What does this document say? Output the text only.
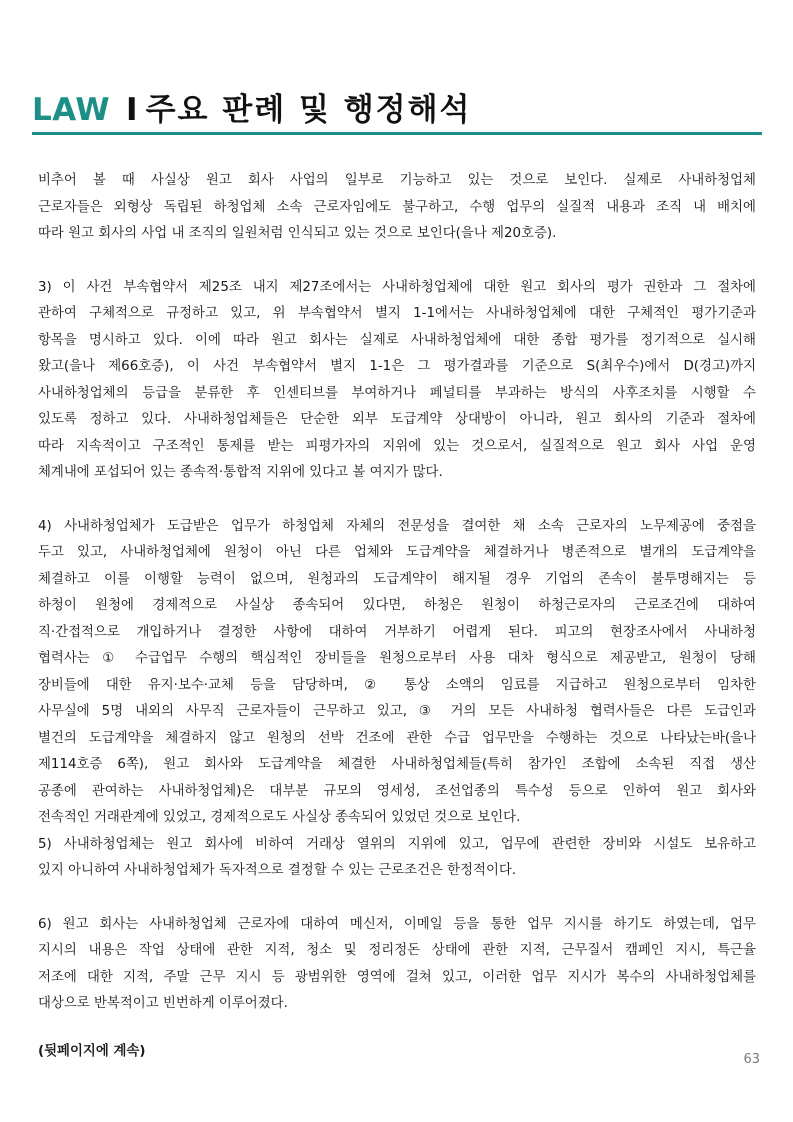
LAW I 주요 판례 및 행정해석
비추어 볼 때 사실상 원고 회사 사업의 일부로 기능하고 있는 것으로 보인다. 실제로 사내하청업체
근로자들은 외형상 독립된 하청업체 소속 근로자임에도 불구하고, 수행 업무의 실질적 내용과 조직 내 배치에
따라 원고 회사의 사업 내 조직의 일원처럼 인식되고 있는 것으로 보인다(을나 제20호증).
3) 이 사건 부속협약서 제25조 내지 제27조에서는 사내하청업체에 대한 원고 회사의 평가 권한과 그 절차에
관하여 구체적으로 규정하고 있고, 위 부속협약서 별지 1-1에서는 사내하청업체에 대한 구체적인 평가기준과
항목을 명시하고 있다. 이에 따라 원고 회사는 실제로 사내하청업체에 대한 종합 평가를 정기적으로 실시해
왔고(을나 제66호증), 이 사건 부속협약서 별지 1-1은 그 평가결과를 기준으로 S(최우수)에서 D(경고)까지
사내하청업체의 등급을 분류한 후 인센티브를 부여하거나 페널티를 부과하는 방식의 사후조치를 시행할 수
있도록 정하고 있다. 사내하청업체들은 단순한 외부 도급계약 상대방이 아니라, 원고 회사의 기준과 절차에
따라 지속적이고 구조적인 통제를 받는 피평가자의 지위에 있는 것으로서, 실질적으로 원고 회사 사업 운영
체계내에 포섭되어 있는 종속적·통합적 지위에 있다고 볼 여지가 많다.
4) 사내하청업체가 도급받은 업무가 하청업체 자체의 전문성을 결여한 채 소속 근로자의 노무제공에 중점을
두고 있고, 사내하청업체에 원청이 아닌 다른 업체와 도급계약을 체결하거나 병존적으로 별개의 도급계약을
체결하고 이를 이행할 능력이 없으며, 원청과의 도급계약이 해지될 경우 기업의 존속이 불투명해지는 등
하청이 원청에 경제적으로 사실상 종속되어 있다면, 하청은 원청이 하청근로자의 근로조건에 대하여
직·간접적으로 개입하거나 결정한 사항에 대하여 거부하기 어렵게 된다. 피고의 현장조사에서 사내하청
협력사는 ① 수급업무 수행의 핵심적인 장비들을 원청으로부터 사용 대차 형식으로 제공받고, 원청이 당해
장비들에 대한 유지·보수·교체 등을 담당하며, ② 통상 소액의 임료를 지급하고 원청으로부터 임차한
사무실에 5명 내외의 사무직 근로자들이 근무하고 있고, ③ 거의 모든 사내하청 협력사들은 다른 도급인과
별건의 도급계약을 체결하지 않고 원청의 선박 건조에 관한 수급 업무만을 수행하는 것으로 나타났는바(을나
제114호증 6쪽), 원고 회사와 도급계약을 체결한 사내하청업체들(특히 참가인 조합에 소속된 직접 생산
공종에 관여하는 사내하청업체)은 대부분 규모의 영세성, 조선업종의 특수성 등으로 인하여 원고 회사와
전속적인 거래관계에 있었고, 경제적으로도 사실상 종속되어 있었던 것으로 보인다.
5) 사내하청업체는 원고 회사에 비하여 거래상 열위의 지위에 있고, 업무에 관련한 장비와 시설도 보유하고
있지 아니하여 사내하청업체가 독자적으로 결정할 수 있는 근로조건은 한정적이다.
6) 원고 회사는 사내하청업체 근로자에 대하여 메신저, 이메일 등을 통한 업무 지시를 하기도 하였는데, 업무
지시의 내용은 작업 상태에 관한 지적, 청소 및 정리정돈 상태에 관한 지적, 근무질서 캠페인 지시, 특근율
저조에 대한 지적, 주말 근무 지시 등 광범위한 영역에 걸쳐 있고, 이러한 업무 지시가 복수의 사내하청업체를
대상으로 반복적이고 빈번하게 이루어졌다.
(뒷페이지에 계속)
63
